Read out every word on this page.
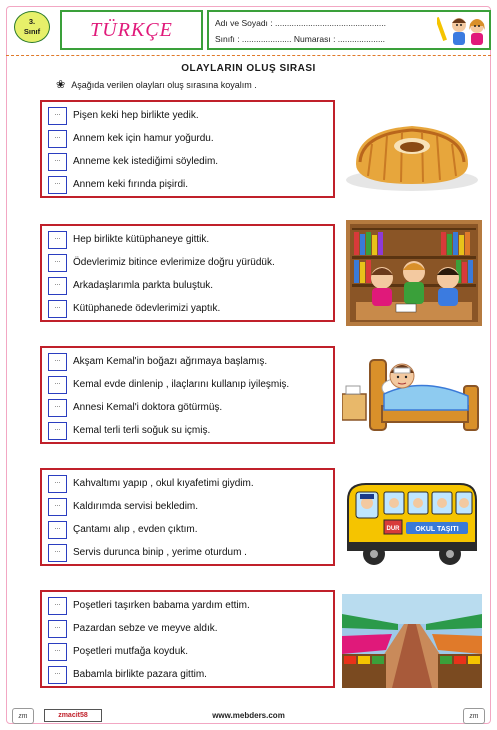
3.
Sınıf	TÜRKÇE	Adı ve Soyadı : ...............................................
Sınıfı : ..................... Numarası : ....................
OLAYLARIN OLUŞ SIRASI
❀ Aşağıda verilen olayları oluş sırasına koyalım .
...	Pişen keki hep birlikte yedik.
...	Annem kek için hamur yoğurdu.
...	Anneme kek istediğimi söyledim.
...	Annem keki fırında pişirdi.
...	Hep birlikte kütüphaneye gittik.
...	Ödevlerimiz bitince evlerimize doğru yürüdük.
...	Arkadaşlarımla parkta buluştuk.
...	Kütüphanede ödevlerimizi yaptık.
...	Akşam Kemal'in boğazı ağrımaya başlamış.
...	Kemal evde dinlenip , ilaçlarını kullanıp iyileşmiş.
...	Annesi Kemal'i doktora götürmüş.
...	Kemal terli terli soğuk su içmiş.
...	Kahvaltımı yapıp , okul kıyafetimi giydim.
...	Kaldırımda servisi bekledim.
...	Çantamı alıp , evden çıktım.
...	Servis durunca binip , yerime oturdum .
OKUL TAŞITI
DUR
...	Poşetleri taşırken babama yardım ettim.
...	Pazardan sebze ve meyve aldık.
...	Poşetleri mutfağa koyduk.
...	Babamla birlikte pazara gittim.
zm	zmacit58	www.mebders.com	zm
